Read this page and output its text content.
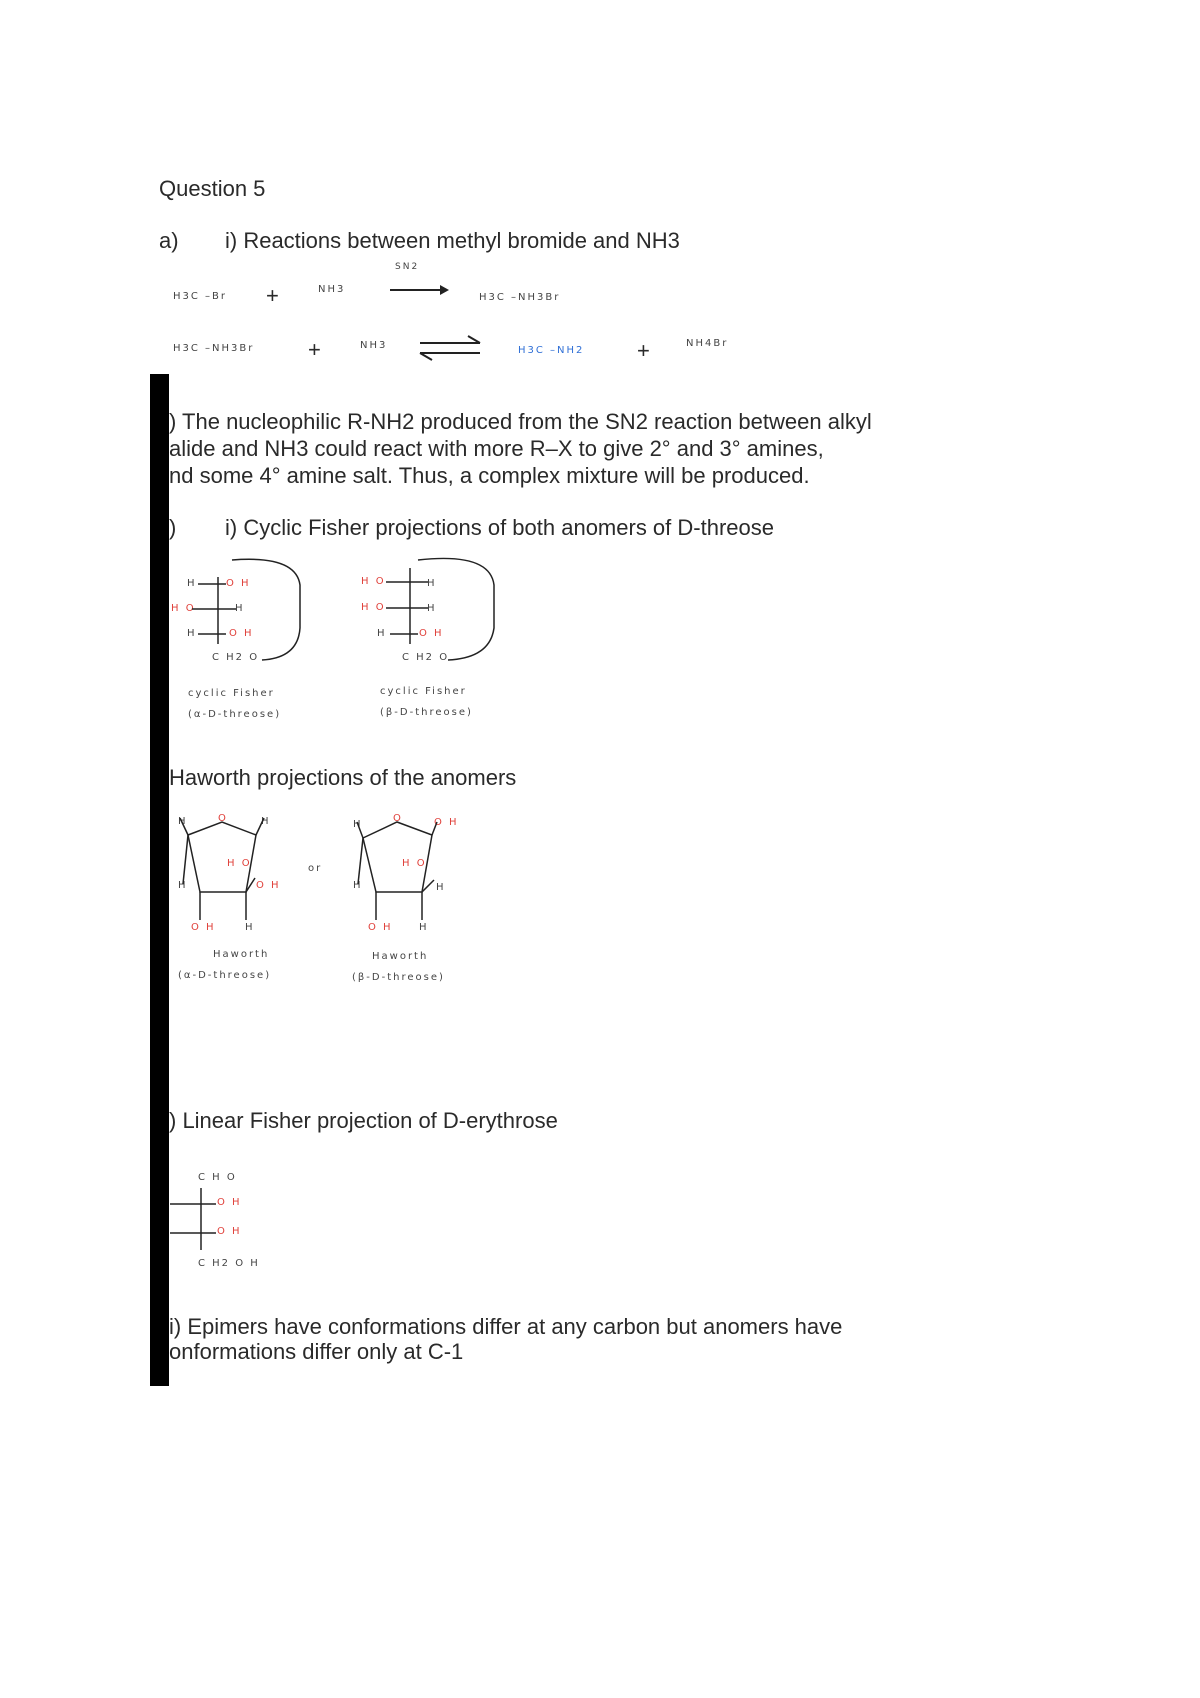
Question 5
a) i) Reactions between methyl bromide and NH3
H3C –Br +	NH3
SN2
H3C –NH3Br
H3C –NH3Br +	NH3	H3C –NH2 +	NH4Br
) The nucleophilic R-NH2 produced from the SN2 reaction between alkyl
alide and NH3 could react with more R–X to give 2° and 3° amines,
nd some 4° amine salt. Thus, a complex mixture will be produced.
) i) Cyclic Fisher projections of both anomers of D-threose
H	O H
H O	H
H	O H
C H2 O
cyclic Fisher
(α-D-threose)
H O	H
H O	H
H	O H
C H2 O
cyclic Fisher
(β-D-threose)
Haworth projections of the anomers
H	O	H
H O
H	O H
O H	H
Haworth
(α-D-threose)
or
H
O	O H
H O
H	H
O H	H
Haworth
(β-D-threose)
) Linear Fisher projection of D-erythrose
C H O
O H
O H
C H2 O H
i) Epimers have conformations differ at any carbon but anomers have
onformations differ only at C-1
